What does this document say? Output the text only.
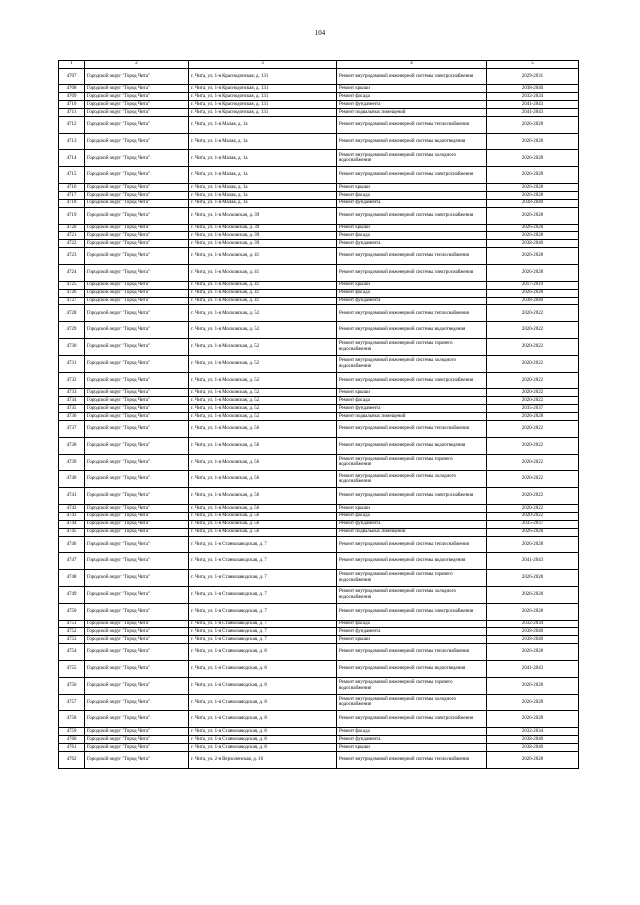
104
1	2	3	4	5
4707	Городской округ "Город Чита"	г. Чита, ул. 1-я Краснодонская, д. 131	Ремонт внутридомовой инженерной системы электроснабжения	2029-2031
4708	Городской округ "Город Чита"	г. Чита, ул. 1-я Краснодонская, д. 131	Ремонт крыши	2038-2040
4709	Городской округ "Город Чита"	г. Чита, ул. 1-я Краснодонская, д. 131	Ремонт фасада	2032-2034
4710	Городской округ "Город Чита"	г. Чита, ул. 1-я Краснодонская, д. 131	Ремонт фундамента	2041-2043
4711	Городской округ "Город Чита"	г. Чита, ул. 1-я Краснодонская, д. 131	Ремонт подвальных помещений	2041-2043
4712	Городской округ "Город Чита"	г. Чита, ул. 1-я Малая, д. 1а	Ремонт внутридомовой инженерной системы теплоснабжения	2026-2028
4713	Городской округ "Город Чита"	г. Чита, ул. 1-я Малая, д. 1а	Ремонт внутридомовой инженерной системы водоотведения	2026-2028
4714	Городской округ "Город Чита"	г. Чита, ул. 1-я Малая, д. 1а	Ремонт внутридомовой инженерной системы холодного водоснабжения	2026-2028
4715	Городской округ "Город Чита"	г. Чита, ул. 1-я Малая, д. 1а	Ремонт внутридомовой инженерной системы электроснабжения	2026-2028
4716	Городской округ "Город Чита"	г. Чита, ул. 1-я Малая, д. 1а	Ремонт крыши	2026-2028
4717	Городской округ "Город Чита"	г. Чита, ул. 1-я Малая, д. 1а	Ремонт фасада	2026-2028
4718	Городской округ "Город Чита"	г. Чита, ул. 1-я Малая, д. 1а	Ремонт фундамента	2038-2040
4719	Городской округ "Город Чита"	г. Чита, ул. 1-я Московская, д. 39	Ремонт внутридомовой инженерной системы электроснабжения	2026-2028
4720	Городской округ "Город Чита"	г. Чита, ул. 1-я Московская, д. 39	Ремонт крыши	2026-2028
4721	Городской округ "Город Чита"	г. Чита, ул. 1-я Московская, д. 39	Ремонт фасада	2026-2028
4722	Городской округ "Город Чита"	г. Чита, ул. 1-я Московская, д. 39	Ремонт фундамента	2038-2040
4723	Городской округ "Город Чита"	г. Чита, ул. 1-я Московская, д. 41	Ремонт внутридомовой инженерной системы теплоснабжения	2026-2028
4724	Городской округ "Город Чита"	г. Чита, ул. 1-я Московская, д. 41	Ремонт внутридомовой инженерной системы электроснабжения	2026-2028
4725	Городской округ "Город Чита"	г. Чита, ул. 1-я Московская, д. 41	Ремонт крыши	2017-2019
4726	Городской округ "Город Чита"	г. Чита, ул. 1-я Московская, д. 41	Ремонт фасада	2026-2028
4727	Городской округ "Город Чита"	г. Чита, ул. 1-я Московская, д. 41	Ремонт фундамента	2038-2040
4728	Городской округ "Город Чита"	г. Чита, ул. 1-я Московская, д. 52	Ремонт внутридомовой инженерной системы теплоснабжения	2020-2022
4729	Городской округ "Город Чита"	г. Чита, ул. 1-я Московская, д. 52	Ремонт внутридомовой инженерной системы водоотведения	2020-2022
4730	Городской округ "Город Чита"	г. Чита, ул. 1-я Московская, д. 52	Ремонт внутридомовой инженерной системы горячего водоснабжения	2020-2022
4731	Городской округ "Город Чита"	г. Чита, ул. 1-я Московская, д. 52	Ремонт внутридомовой инженерной системы холодного водоснабжения	2020-2022
4732	Городской округ "Город Чита"	г. Чита, ул. 1-я Московская, д. 52	Ремонт внутридомовой инженерной системы электроснабжения	2020-2022
4733	Городской округ "Город Чита"	г. Чита, ул. 1-я Московская, д. 52	Ремонт крыши	2020-2022
4734	Городской округ "Город Чита"	г. Чита, ул. 1-я Московская, д. 52	Ремонт фасада	2020-2022
4735	Городской округ "Город Чита"	г. Чита, ул. 1-я Московская, д. 52	Ремонт фундамента	2035-2037
4736	Городской округ "Город Чита"	г. Чита, ул. 1-я Московская, д. 52	Ремонт подвальных помещений	2026-2028
4737	Городской округ "Город Чита"	г. Чита, ул. 1-я Московская, д. 56	Ремонт внутридомовой инженерной системы теплоснабжения	2020-2022
4738	Городской округ "Город Чита"	г. Чита, ул. 1-я Московская, д. 56	Ремонт внутридомовой инженерной системы водоотведения	2020-2022
4739	Городской округ "Город Чита"	г. Чита, ул. 1-я Московская, д. 56	Ремонт внутридомовой инженерной системы горячего водоснабжения	2020-2022
4740	Городской округ "Город Чита"	г. Чита, ул. 1-я Московская, д. 56	Ремонт внутридомовой инженерной системы холодного водоснабжения	2020-2022
4741	Городской округ "Город Чита"	г. Чита, ул. 1-я Московская, д. 56	Ремонт внутридомовой инженерной системы электроснабжения	2020-2022
4742	Городской округ "Город Чита"	г. Чита, ул. 1-я Московская, д. 56	Ремонт крыши	2020-2022
4743	Городской округ "Город Чита"	г. Чита, ул. 1-я Московская, д. 56	Ремонт фасада	2020-2022
4744	Городской округ "Город Чита"	г. Чита, ул. 1-я Московская, д. 56	Ремонт фундамента	2035-2037
4745	Городской округ "Город Чита"	г. Чита, ул. 1-я Московская, д. 56	Ремонт подвальных помещений	2026-2028
4746	Городской округ "Город Чита"	г. Чита, ул. 1-я Станкозаводская, д. 7	Ремонт внутридомовой инженерной системы теплоснабжения	2026-2028
4747	Городской округ "Город Чита"	г. Чита, ул. 1-я Станкозаводская, д. 7	Ремонт внутридомовой инженерной системы водоотведения	2041-2043
4748	Городской округ "Город Чита"	г. Чита, ул. 1-я Станкозаводская, д. 7	Ремонт внутридомовой инженерной системы горячего водоснабжения	2026-2028
4749	Городской округ "Город Чита"	г. Чита, ул. 1-я Станкозаводская, д. 7	Ремонт внутридомовой инженерной системы холодного водоснабжения	2026-2028
4750	Городской округ "Город Чита"	г. Чита, ул. 1-я Станкозаводская, д. 7	Ремонт внутридомовой инженерной системы электроснабжения	2026-2028
4751	Городской округ "Город Чита"	г. Чита, ул. 1-я Станкозаводская, д. 7	Ремонт фасада	2032-2034
4752	Городской округ "Город Чита"	г. Чита, ул. 1-я Станкозаводская, д. 7	Ремонт фундамента	2038-2040
4753	Городской округ "Город Чита"	г. Чита, ул. 1-я Станкозаводская, д. 7	Ремонт крыши	2038-2040
4754	Городской округ "Город Чита"	г. Чита, ул. 1-я Станкозаводская, д. 8	Ремонт внутридомовой инженерной системы теплоснабжения	2026-2028
4755	Городской округ "Город Чита"	г. Чита, ул. 1-я Станкозаводская, д. 8	Ремонт внутридомовой инженерной системы водоотведения	2041-2043
4756	Городской округ "Город Чита"	г. Чита, ул. 1-я Станкозаводская, д. 8	Ремонт внутридомовой инженерной системы горячего водоснабжения	2026-2028
4757	Городской округ "Город Чита"	г. Чита, ул. 1-я Станкозаводская, д. 8	Ремонт внутридомовой инженерной системы холодного водоснабжения	2026-2028
4758	Городской округ "Город Чита"	г. Чита, ул. 1-я Станкозаводская, д. 8	Ремонт внутридомовой инженерной системы электроснабжения	2026-2028
4759	Городской округ "Город Чита"	г. Чита, ул. 1-я Станкозаводская, д. 8	Ремонт фасада	2032-2034
4760	Городской округ "Город Чита"	г. Чита, ул. 1-я Станкозаводская, д. 8	Ремонт фундамента	2038-2040
4761	Городской округ "Город Чита"	г. Чита, ул. 1-я Станкозаводская, д. 8	Ремонт крыши	2038-2040
4762	Городской округ "Город Чита"	г. Чита, ул. 2-я Верхоленская, д. 16	Ремонт внутридомовой инженерной системы теплоснабжения	2026-2028
